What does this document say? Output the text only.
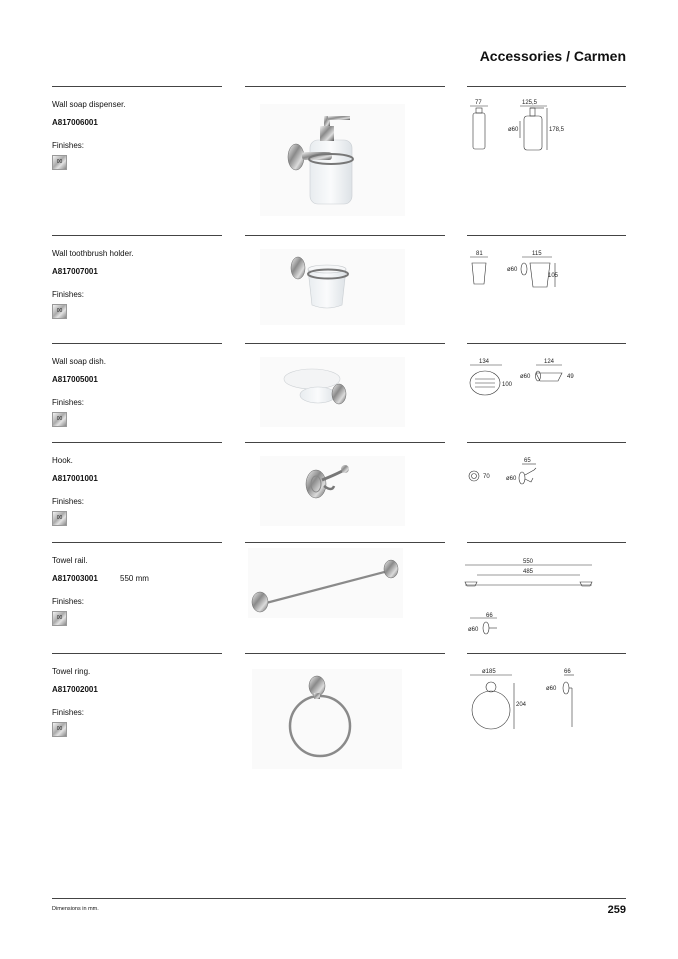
Accessories / Carmen
Wall soap dispenser.
A817006001
Finishes:
00
77	125,5
ø60	178,5
Wall toothbrush holder.
A817007001
Finishes:
00
81	115
ø60
105
Wall soap dish.
A817005001
Finishes:
00
134	124
ø60	49
100
Hook.
A817001001
Finishes:
00
65
ø60
70
Towel rail.
A817003001	550 mm
Finishes:
00
550
485
66
ø60
Towel ring.
A817002001
Finishes:
00
ø185	66
ø60
204
Dimensions in mm.	259
